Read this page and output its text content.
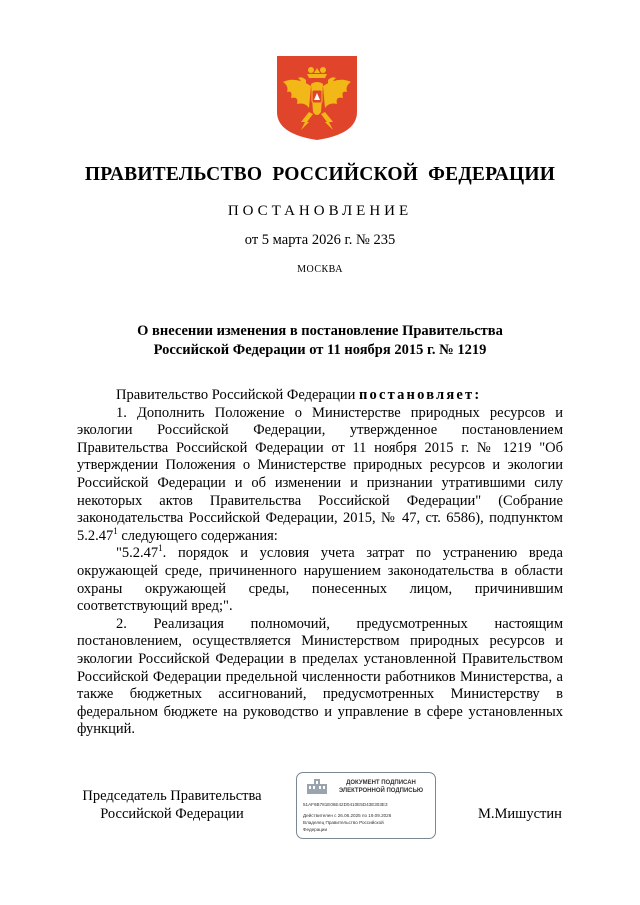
ПРАВИТЕЛЬСТВО РОССИЙСКОЙ ФЕДЕРАЦИИ
ПОСТАНОВЛЕНИЕ
от 5 марта 2026 г. № 235
МОСКВА
О внесении изменения в постановление Правительства
Российской Федерации от 11 ноября 2015 г. № 1219
Правительство Российской Федерации постановляет:
1. Дополнить Положение о Министерстве природных ресурсов и экологии Российской Федерации, утвержденное постановлением Правительства Российской Федерации от 11 ноября 2015 г. № 1219 "Об утверждении Положения о Министерстве природных ресурсов и экологии Российской Федерации и об изменении и признании утратившими силу некоторых актов Правительства Российской Федерации" (Собрание законодательства Российской Федерации, 2015, № 47, ст. 6586), подпунктом 5.2.47$^1$ следующего содержания:
"5.2.47$^1$. порядок и условия учета затрат по устранению вреда окружающей среде, причиненного нарушением законодательства в области охраны окружающей среды, понесенных лицом, причинившим соответствующий вред;".
2. Реализация полномочий, предусмотренных настоящим постановлением, осуществляется Министерством природных ресурсов и экологии Российской Федерации в пределах установленной Правительством Российской Федерации предельной численности работников Министерства, а также бюджетных ассигнований, предусмотренных Министерству в федеральном бюджете на руководство и управление в сфере установленных функций.
Председатель Правительства
Российской Федерации
ДОКУМЕНТ ПОДПИСАН
ЭЛЕКТРОННОЙ ПОДПИСЬЮ
51AF6B781E06E42D0410E5D43E303E3
Действителен с 26.06.2025 по 19.09.2026
Владелец Правительство Российской
Федерации
М.Мишустин
